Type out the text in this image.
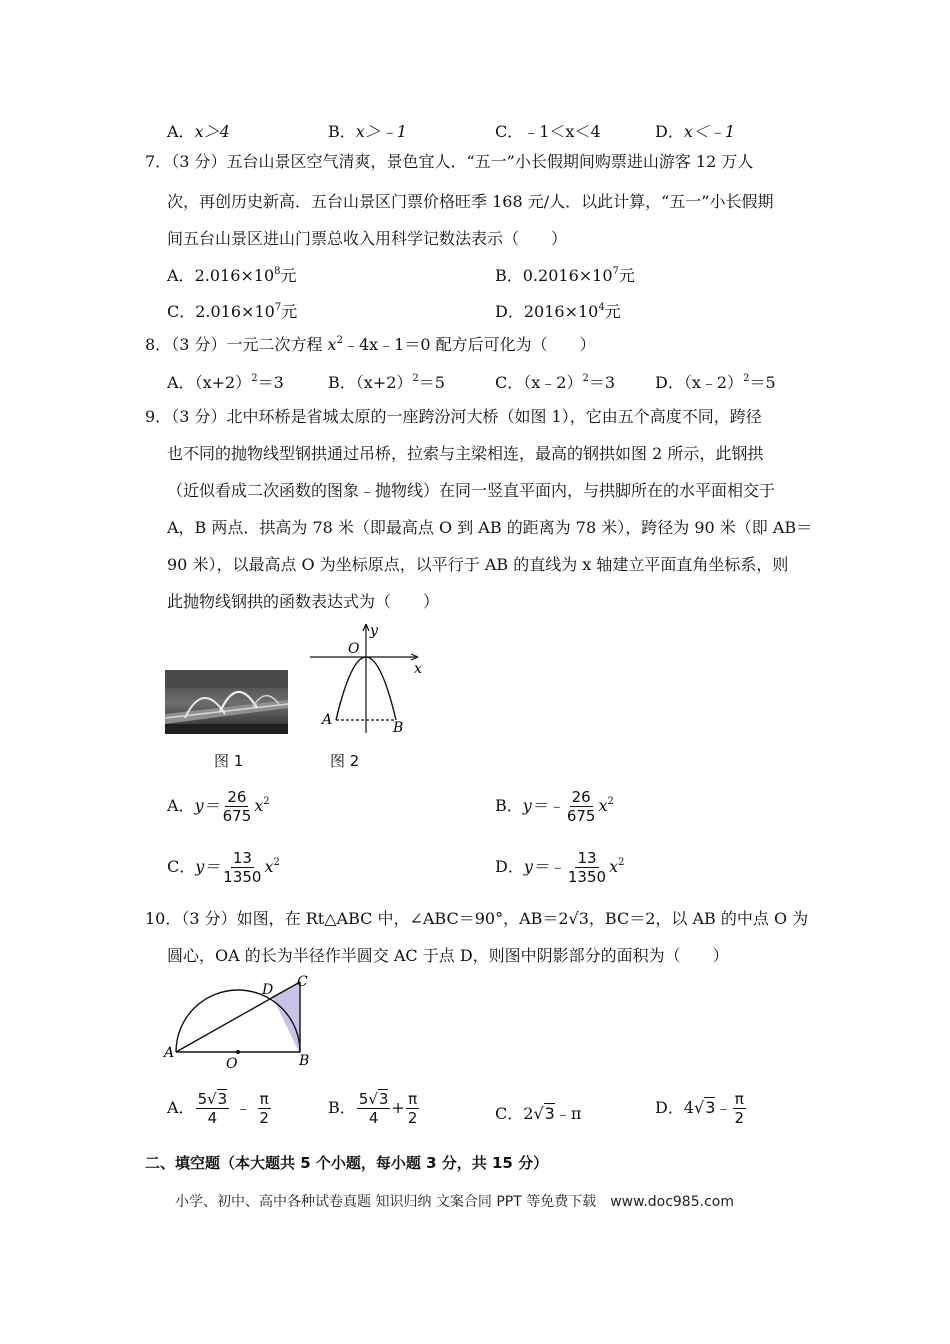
A．x＞4	B．x＞﹣1	C．﹣1＜x＜4	D．x＜﹣1
7．（3 分）五台山景区空气清爽，景色宜人．“五一”小长假期间购票进山游客 12 万人
次，再创历史新高．五台山景区门票价格旺季 168 元/人．以此计算，“五一”小长假期
间五台山景区进山门票总收入用科学记数法表示（　　）
A．$2.016\times 10^8$元	B．$0.2016\times 10^7$元
C．$2.016\times 10^7$元	D．$2016\times 10^4$元
8．（3 分）一元二次方程 $x^2﹣4x﹣1=0$ 配方后可化为（　　）
A．$(x+2)^2=3$	B．$(x+2)^2=5$	C．（x﹣2）$^2$＝3 D．（x﹣2）$^2$＝5
9．（3 分）北中环桥是省城太原的一座跨汾河大桥（如图 1），它由五个高度不同，跨径
也不同的抛物线型钢拱通过吊桥，拉索与主梁相连，最高的钢拱如图 2 所示，此钢拱
（近似看成二次函数的图象﹣抛物线）在同一竖直平面内，与拱脚所在的水平面相交于
A，B 两点．拱高为 78 米（即最高点 O 到 AB 的距离为 78 米），跨径为 90 米（即 AB＝
90 米），以最高点 O 为坐标原点，以平行于 AB 的直线为 x 轴建立平面直角坐标系，则
此抛物线钢拱的函数表达式为（　　）
图 1
y
x
O
A	B
图 2
A．$y= \frac{26}{675} x^2$	B．y＝﹣ $\frac{26}{675} x^2$
C．$y= \frac{13}{1350} x^2$	D．y＝﹣ $\frac{13}{1350} x^2$
10．（3 分）如图，在 Rt△ABC 中，∠ABC＝90°，AB＝2√3，BC＝2，以 AB 的中点 O 为
圆心，OA 的长为半径作半圆交 AC 于点 D，则图中阴影部分的面积为（　　）
A	B
C
D
O
A． $\frac{5√3}{4}$ ﹣ $\frac{\pi}{2}$	B． $\frac{5√3}{4} + \frac{\pi}{2}$	C．2√3﹣π	D．4√3﹣ $\frac{\pi}{2}$
二、填空题（本大题共 5 个小题，每小题 3 分，共 15 分）
小学、初中、高中各种试卷真题 知识归纳 文案合同 PPT 等免费下载　www.doc985.com
